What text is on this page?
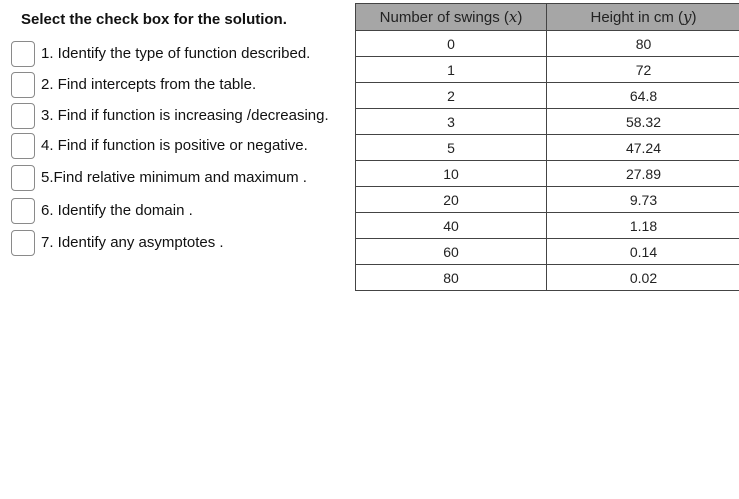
Select the check box for the solution.

1. Identify the type of function described.
2. Find intercepts from the table.
3. Find if function is increasing /decreasing.
4. Find if function is positive or negative.
5.Find relative minimum and maximum .
6. Identify the domain .
7. Identify any asymptotes .
Number of swings (x)	Height in cm (y)
0	80
1	72
2	64.8
3	58.32
5	47.24
10	27.89
20	9.73
40	1.18
60	0.14
80	0.02
